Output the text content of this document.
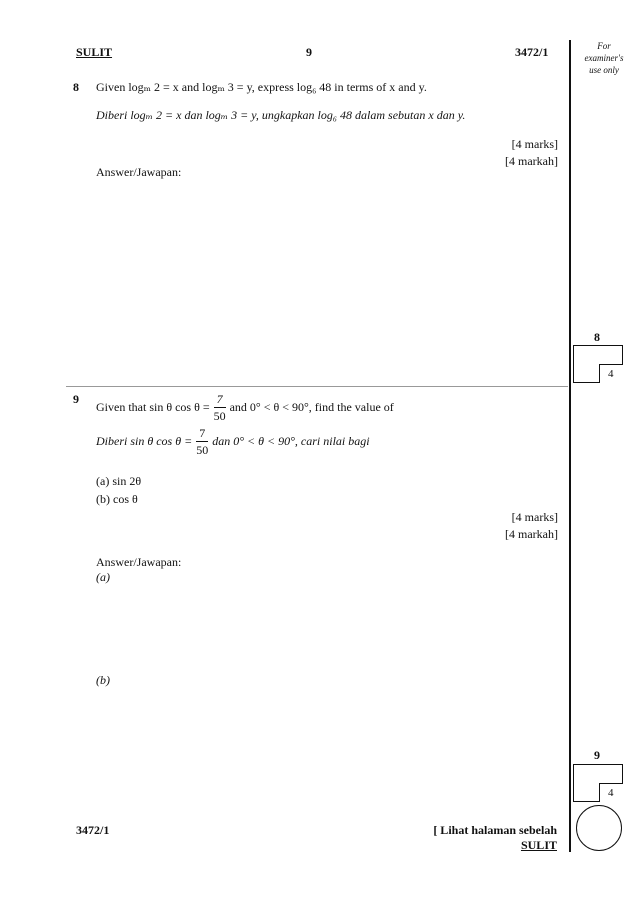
SULIT	9	3472/1	For examiner's use only
8 Given logₘ 2 = x and logₘ 3 = y, express log₆ 48 in terms of x and y.
Diberi logₘ 2 = x dan logₘ 3 = y, ungkapkan log₆ 48 dalam sebutan x dan y.
[4 marks]
[4 markah]
Answer/Jawapan:
8
4
9
Given that sin θ $\cos \theta = \frac{7}{50}$ and 0° < θ < 90°, find the value of
Diberi sin θ $\cos \theta = \frac{7}{50}$ dan 0° < θ < 90°, cari nilai bagi
(a) sin 2θ
(b) cos θ
[4 marks]
[4 markah]
Answer/Jawapan:
(a)
(b)
9
4
3472/1	[ Lihat halaman sebelah
SULIT
